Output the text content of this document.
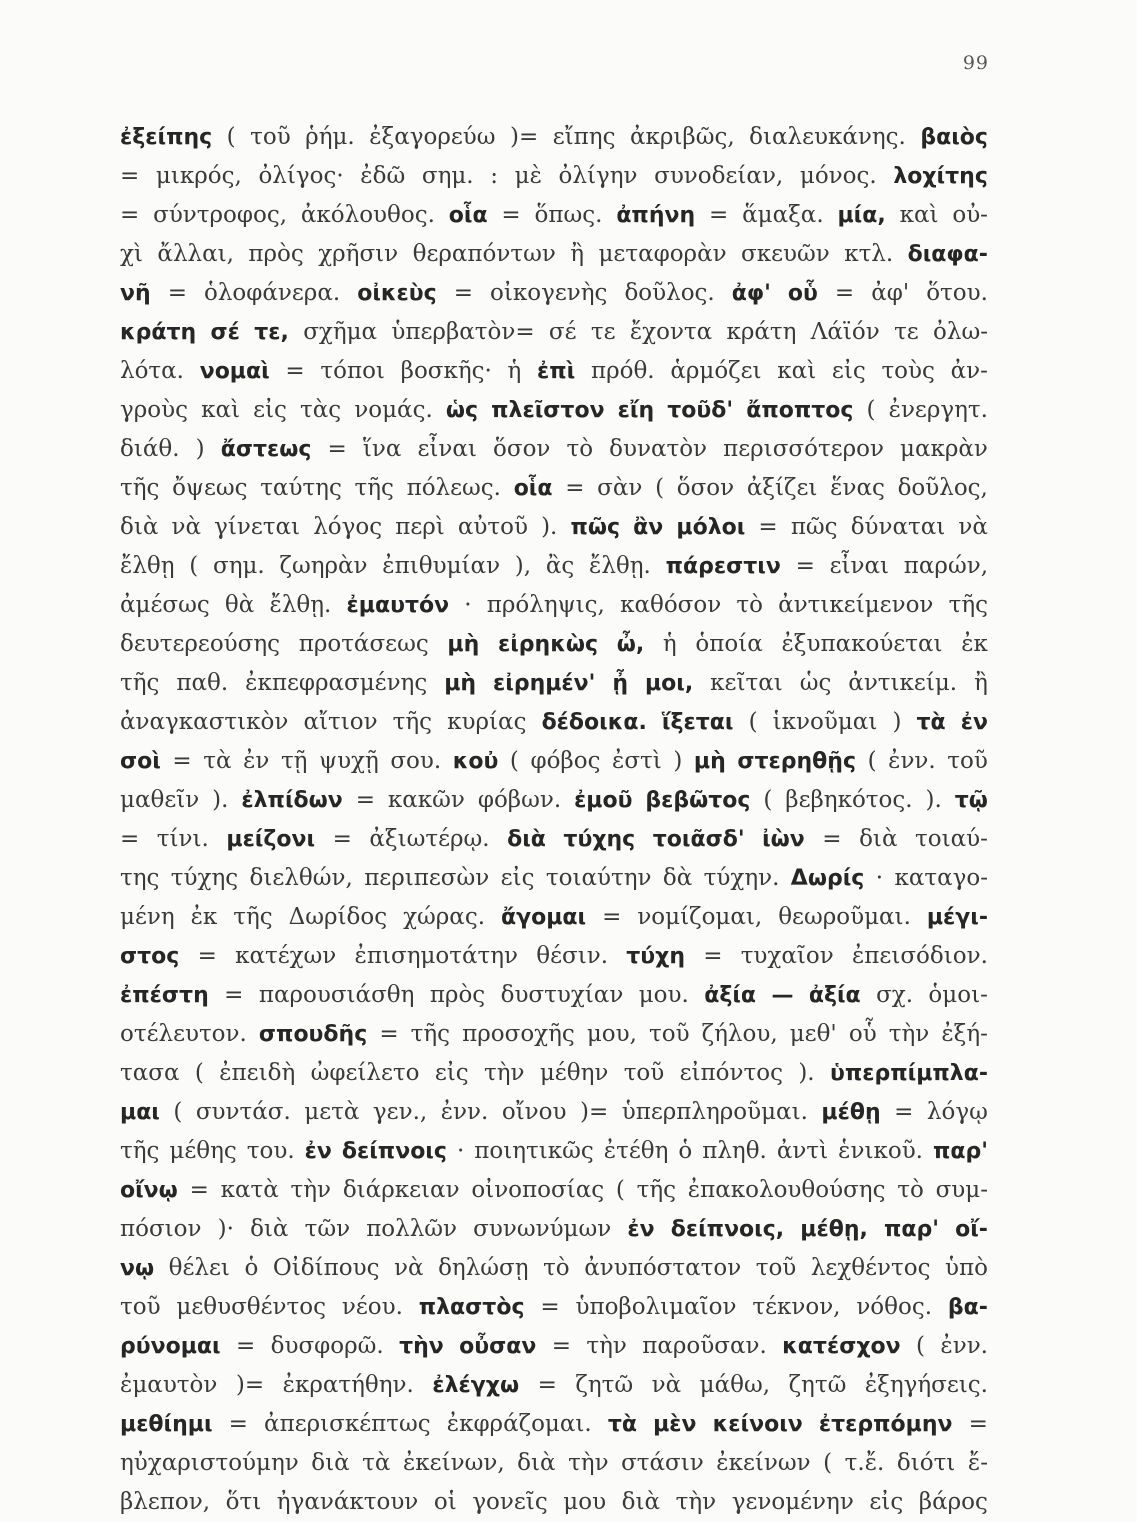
99
ἐξείπης ( τοῦ ῥήμ. ἐξαγορεύω )= εἴπης ἀκριβῶς, διαλευκάνης. βαιὸς
= μικρός, ὀλίγος· ἐδῶ σημ. : μὲ ὀλίγην συνοδείαν, μόνος. λοχίτης
= σύντροφος, ἀκόλουθος. οἷα = ὅπως. ἀπήνη = ἅμαξα. μία, καὶ οὐ-
χὶ ἄλλαι, πρὸς χρῆσιν θεραπόντων ἢ μεταφορὰν σκευῶν κτλ. διαφα-
νῆ = ὁλοφάνερα. οἰκεὺς = οἰκογενὴς δοῦλος. ἀφ' οὗ = ἀφ' ὅτου.
κράτη σέ τε, σχῆμα ὑπερβατὸν= σέ τε ἔχοντα κράτη Λάϊόν τε ὀλω-
λότα. νομαὶ = τόποι βοσκῆς· ἡ ἐπὶ πρόθ. ἁρμόζει καὶ εἰς τοὺς ἀν-
γροὺς καὶ εἰς τὰς νομάς. ὡς πλεῖστον εἴη τοῦδ' ἄποπτος ( ἐνεργητ.
διάθ. ) ἄστεως = ἵνα εἶναι ὅσον τὸ δυνατὸν περισσότερον μακρὰν
τῆς ὄψεως ταύτης τῆς πόλεως. οἷα = σὰν ( ὅσον ἀξίζει ἕνας δοῦλος,
διὰ νὰ γίνεται λόγος περὶ αὐτοῦ ). πῶς ἂν μόλοι = πῶς δύναται νὰ
ἔλθῃ ( σημ. ζωηρὰν ἐπιθυμίαν ), ἂς ἔλθῃ. πάρεστιν = εἶναι παρών,
ἀμέσως θὰ ἔλθῃ. ἐμαυτόν · πρόληψις, καθόσον τὸ ἀντικείμενον τῆς
δευτερεούσης προτάσεως μὴ εἰρηκὼς ὦ, ἡ ὁποία ἐξυπακούεται ἐκ
τῆς παθ. ἐκπεφρασμένης μὴ εἰρημέν' ᾖ μοι, κεῖται ὡς ἀντικείμ. ἢ
ἀναγκαστικὸν αἴτιον τῆς κυρίας δέδοικα. ἵξεται ( ἱκνοῦμαι ) τὰ ἐν
σοὶ = τὰ ἐν τῇ ψυχῇ σου. κοὐ ( φόβος ἐστὶ ) μὴ στερηθῇς ( ἐνν. τοῦ
μαθεῖν ). ἐλπίδων = κακῶν φόβων. ἐμοῦ βεβῶτος ( βεβηκότος. ). τῷ
= τίνι. μείζονι = ἀξιωτέρῳ. διὰ τύχης τοιᾶσδ' ἰὼν = διὰ τοιαύ-
της τύχης διελθών, περιπεσὼν εἰς τοιαύτην δὰ τύχην. Δωρίς · καταγο-
μένη ἐκ τῆς Δωρίδος χώρας. ἄγομαι = νομίζομαι, θεωροῦμαι. μέγι-
στος = κατέχων ἐπισημοτάτην θέσιν. τύχη = τυχαῖον ἐπεισόδιον.
ἐπέστη = παρουσιάσθη πρὸς δυστυχίαν μου. ἀξία — ἀξία σχ. ὁμοι-
οτέλευτον. σπουδῆς = τῆς προσοχῆς μου, τοῦ ζήλου, μεθ' οὗ τὴν ἐξή-
τασα ( ἐπειδὴ ὠφείλετο εἰς τὴν μέθην τοῦ εἰπόντος ). ὑπερπίμπλα-
μαι ( συντάσ. μετὰ γεν., ἐνν. οἴνου )= ὑπερπληροῦμαι. μέθῃ = λόγῳ
τῆς μέθης του. ἐν δείπνοις · ποιητικῶς ἐτέθη ὁ πληθ. ἀντὶ ἑνικοῦ. παρ'
οἴνῳ = κατὰ τὴν διάρκειαν οἰνοποσίας ( τῆς ἐπακολουθούσης τὸ συμ-
πόσιον )· διὰ τῶν πολλῶν συνωνύμων ἐν δείπνοις, μέθῃ, παρ' οἴ-
νῳ θέλει ὁ Οἰδίπους νὰ δηλώσῃ τὸ ἀνυπόστατον τοῦ λεχθέντος ὑπὸ
τοῦ μεθυσθέντος νέου. πλαστὸς = ὑποβολιμαῖον τέκνον, νόθος. βα-
ρύνομαι = δυσφορῶ. τὴν οὖσαν = τὴν παροῦσαν. κατέσχον ( ἐνν.
ἐμαυτὸν )= ἐκρατήθην. ἐλέγχω = ζητῶ νὰ μάθω, ζητῶ ἐξηγήσεις.
μεθίημι = ἀπερισκέπτως ἐκφράζομαι. τὰ μὲν κείνοιν ἐτερπόμην =
ηὐχαριστούμην διὰ τὰ ἐκείνων, διὰ τὴν στάσιν ἐκείνων ( τ.ἔ. διότι ἔ-
βλεπον, ὅτι ἠγανάκτουν οἱ γονεῖς μου διὰ τὴν γενομένην εἰς βάρος
